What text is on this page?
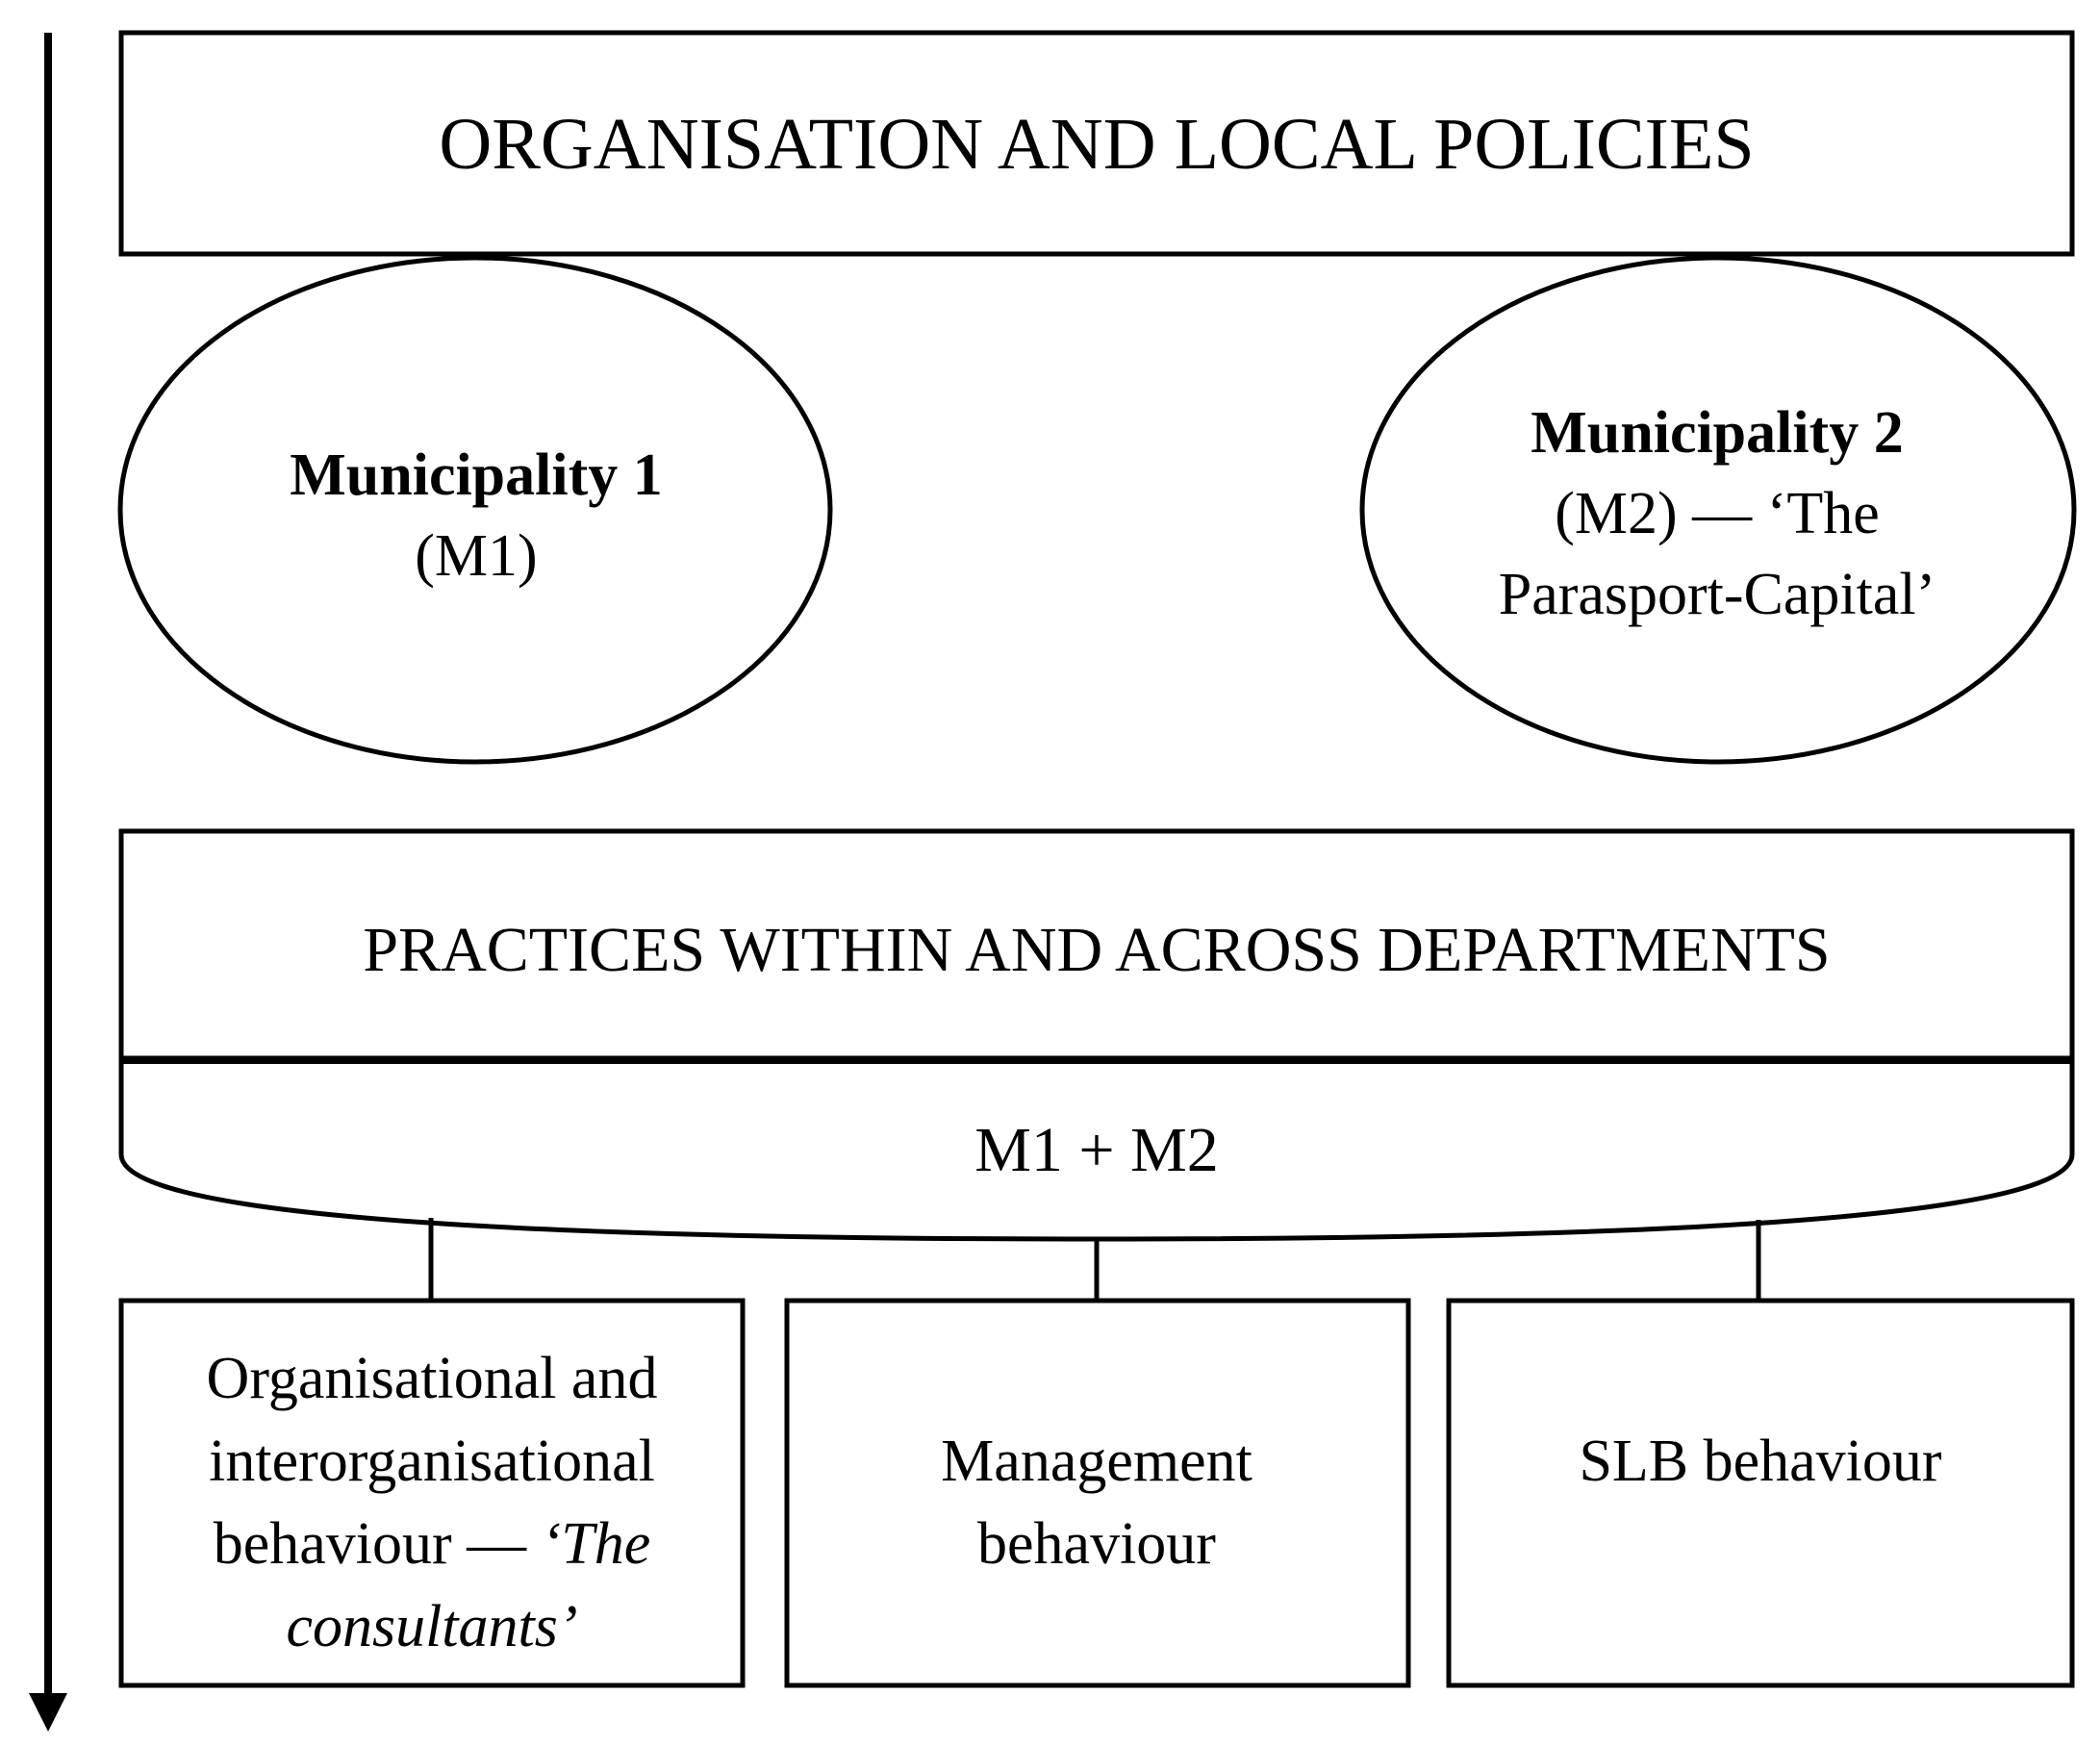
ORGANISATION AND LOCAL POLICIES
Municipality 1
(M1)
Municipality 2
(M2) — ‘The
Parasport-Capital’
PRACTICES WITHIN AND ACROSS DEPARTMENTS
M1 + M2
Organisational and
interorganisational
behaviour — ‘The
consultants’
Management
behaviour
SLB behaviour
